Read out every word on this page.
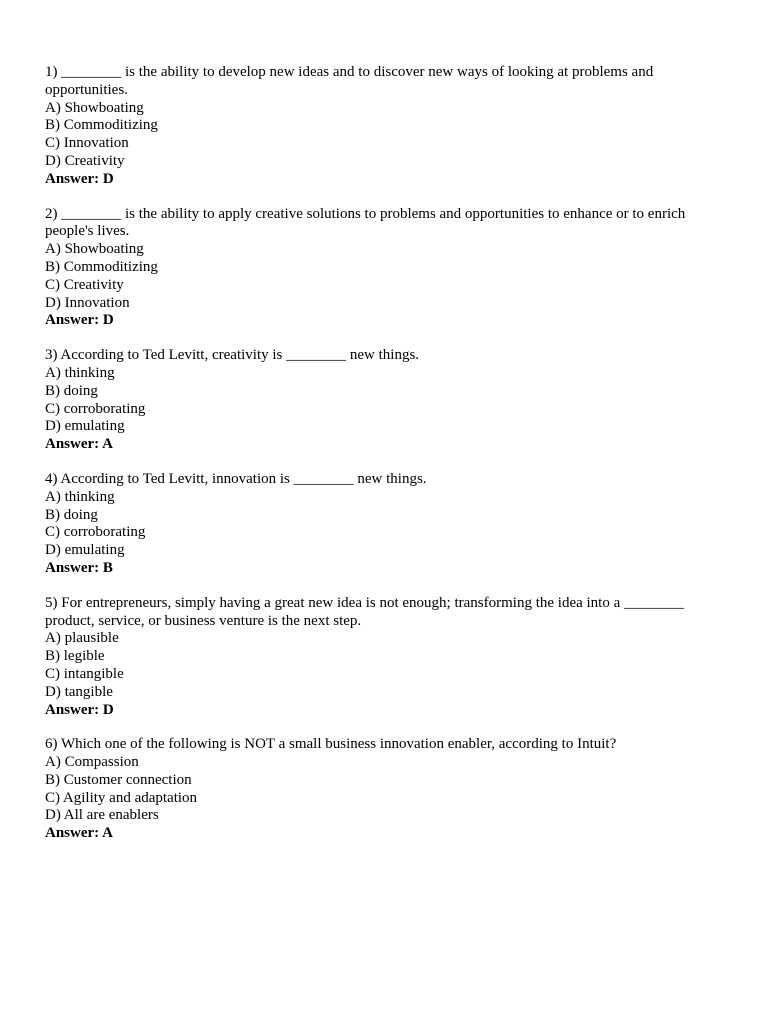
1) ________ is the ability to develop new ideas and to discover new ways of looking at problems and opportunities.
A) Showboating
B) Commoditizing
C) Innovation
D) Creativity
Answer: D
2) ________ is the ability to apply creative solutions to problems and opportunities to enhance or to enrich people's lives.
A) Showboating
B) Commoditizing
C) Creativity
D) Innovation
Answer: D
3) According to Ted Levitt, creativity is ________ new things.
A) thinking
B) doing
C) corroborating
D) emulating
Answer: A
4) According to Ted Levitt, innovation is ________ new things.
A) thinking
B) doing
C) corroborating
D) emulating
Answer: B
5) For entrepreneurs, simply having a great new idea is not enough; transforming the idea into a ________ product, service, or business venture is the next step.
A) plausible
B) legible
C) intangible
D) tangible
Answer: D
6) Which one of the following is NOT a small business innovation enabler, according to Intuit?
A) Compassion
B) Customer connection
C) Agility and adaptation
D) All are enablers
Answer: A
